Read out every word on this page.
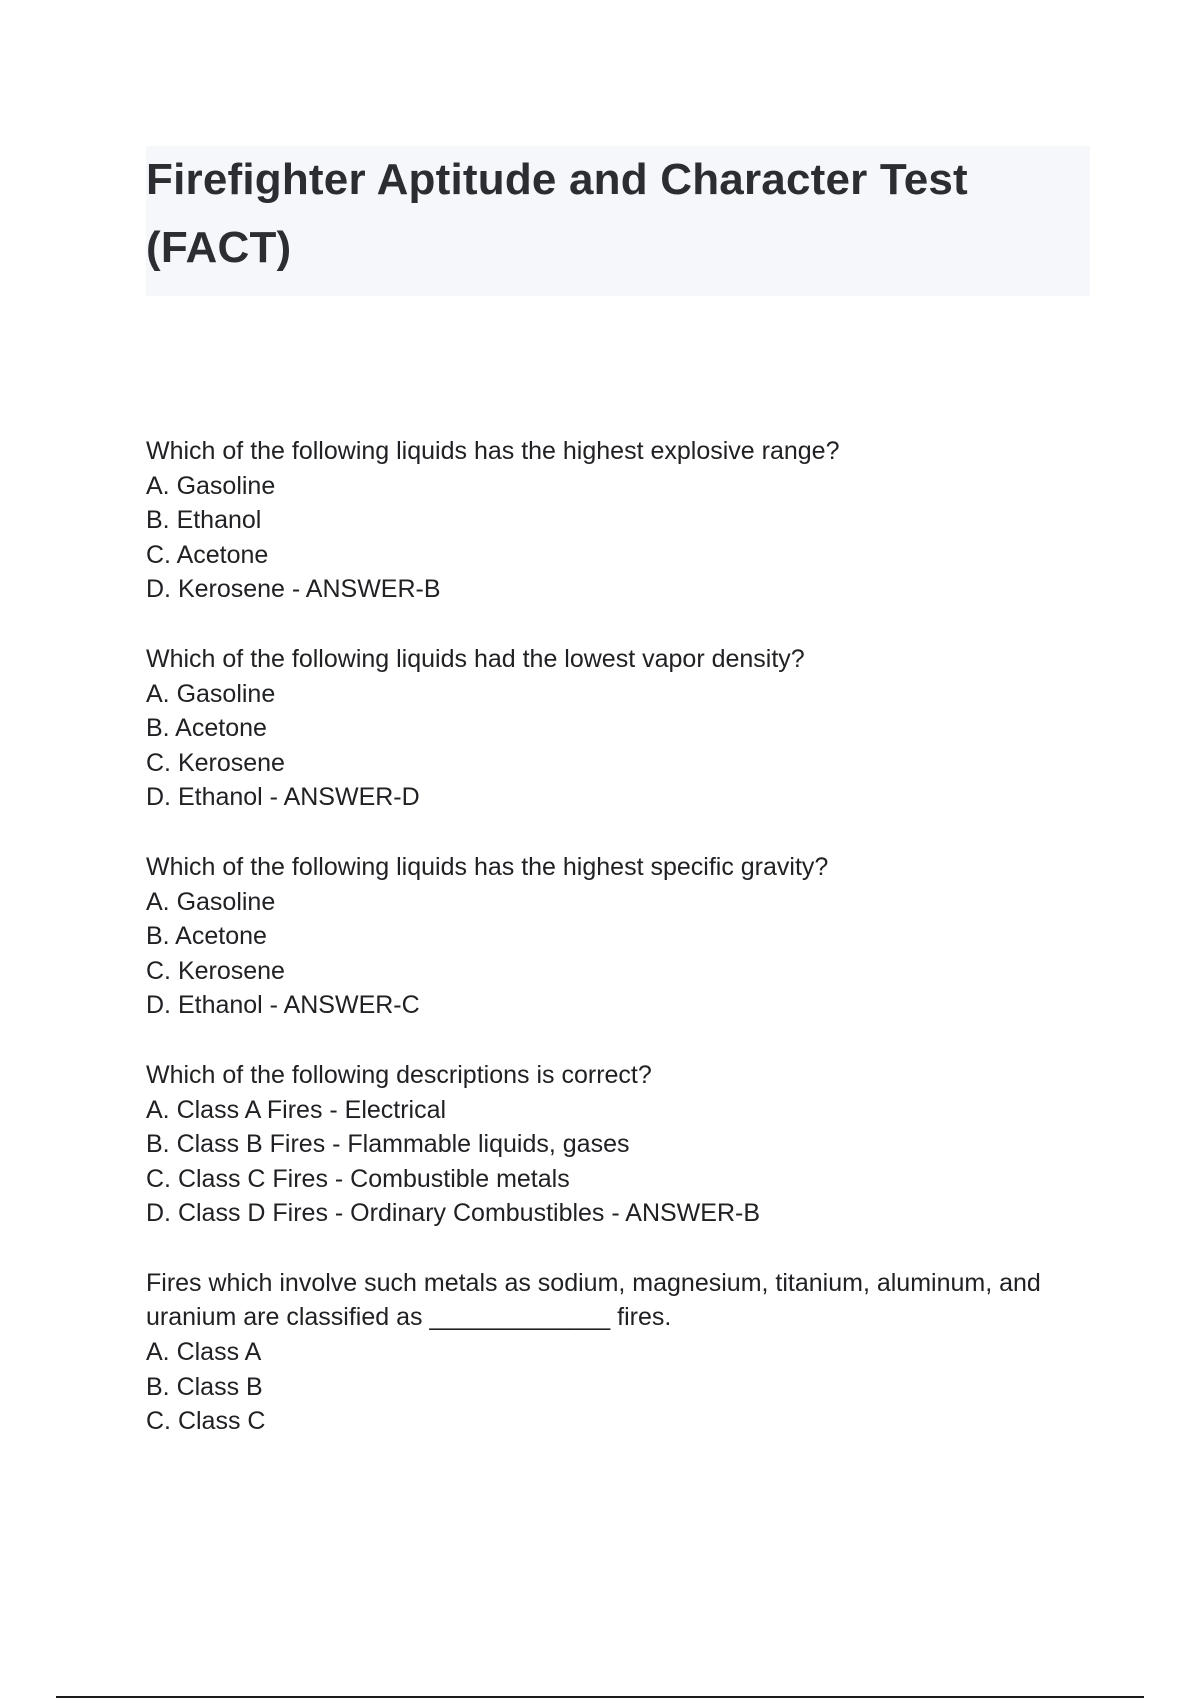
Firefighter Aptitude and Character Test (FACT)
Which of the following liquids has the highest explosive range?
A. Gasoline
B. Ethanol
C. Acetone
D. Kerosene - ANSWER-B
Which of the following liquids had the lowest vapor density?
A. Gasoline
B. Acetone
C. Kerosene
D. Ethanol - ANSWER-D
Which of the following liquids has the highest specific gravity?
A. Gasoline
B. Acetone
C. Kerosene
D. Ethanol - ANSWER-C
Which of the following descriptions is correct?
A. Class A Fires - Electrical
B. Class B Fires - Flammable liquids, gases
C. Class C Fires - Combustible metals
D. Class D Fires - Ordinary Combustibles - ANSWER-B
Fires which involve such metals as sodium, magnesium, titanium, aluminum, and uranium are classified as _____________ fires.
A. Class A
B. Class B
C. Class C
